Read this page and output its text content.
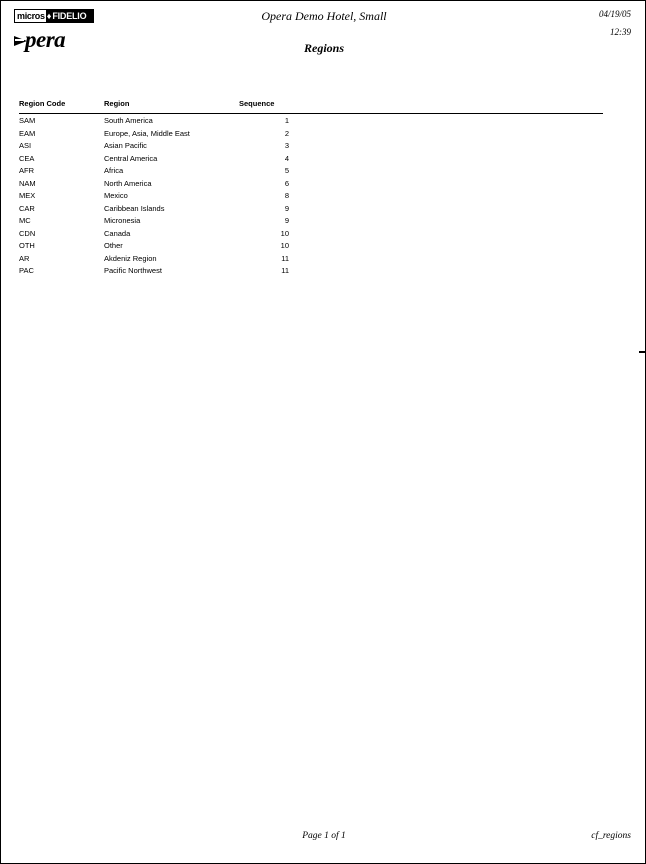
micros ♦ FIDELIO
pera
Opera Demo Hotel, Small
Regions
04/19/05
12:39
Region Code	Region	Sequence	
SAM	South America	1	
EAM	Europe, Asia, Middle East	2	
ASI	Asian Pacific	3	
CEA	Central America	4	
AFR	Africa	5	
NAM	North America	6	
MEX	Mexico	8	
CAR	Caribbean Islands	9	
MC	Micronesia	9	
CDN	Canada	10	
OTH	Other	10	
AR	Akdeniz Region	11	
PAC	Pacific Northwest	11	
Page 1 of 1	cf_regions
